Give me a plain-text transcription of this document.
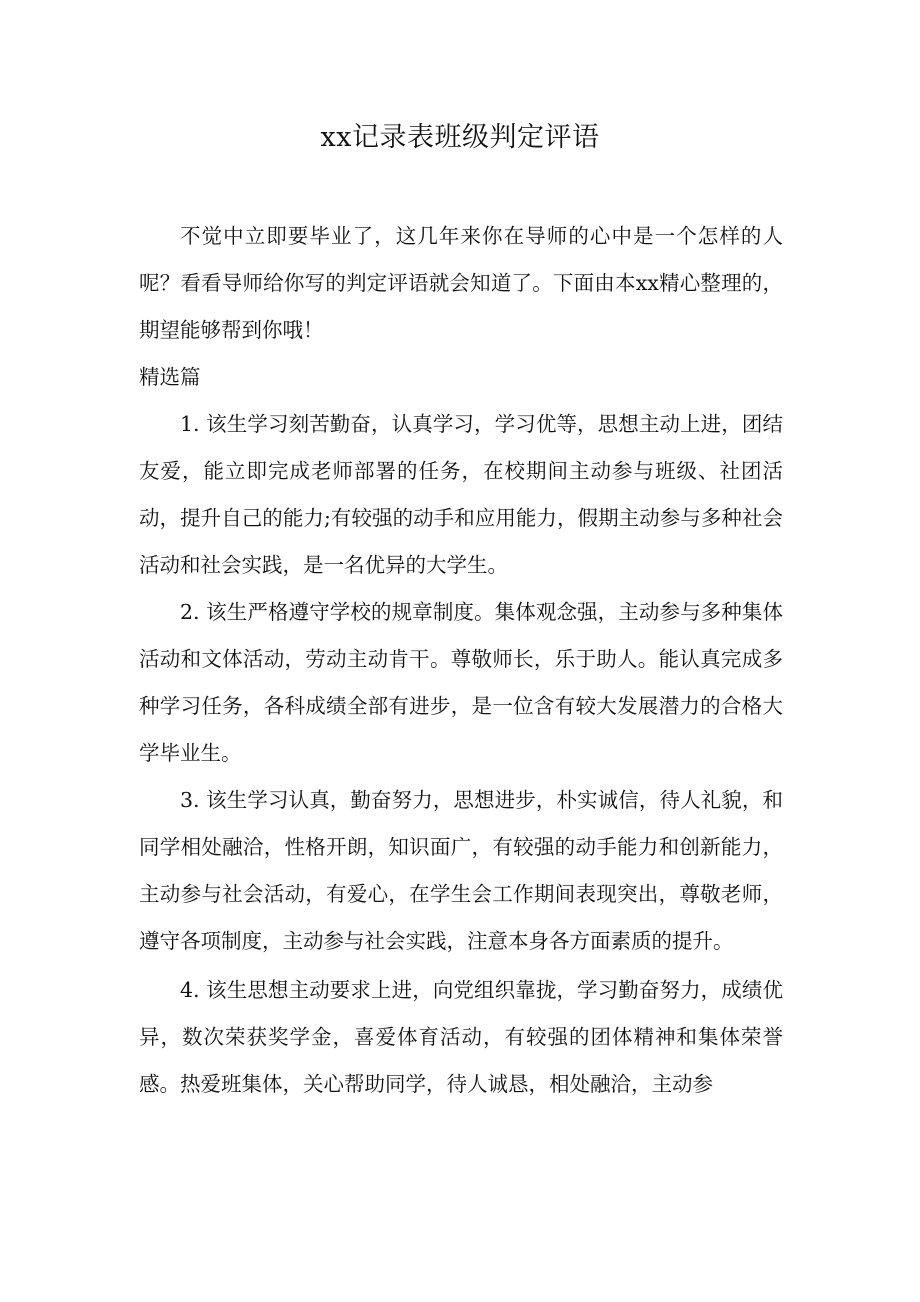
xx记录表班级判定评语

不觉中立即要毕业了，这几年来你在导师的心中是一个怎样的人呢？看看导师给你写的判定评语就会知道了。下面由本xx精心整理的，期望能够帮到你哦！

精选篇

1. 该生学习刻苦勤奋，认真学习，学习优等，思想主动上进，团结友爱，能立即完成老师部署的任务，在校期间主动参与班级、社团活动，提升自己的能力;有较强的动手和应用能力，假期主动参与多种社会活动和社会实践，是一名优异的大学生。

2. 该生严格遵守学校的规章制度。集体观念强，主动参与多种集体活动和文体活动，劳动主动肯干。尊敬师长，乐于助人。能认真完成多种学习任务，各科成绩全部有进步，是一位含有较大发展潜力的合格大学毕业生。

3. 该生学习认真，勤奋努力，思想进步，朴实诚信，待人礼貌，和同学相处融洽，性格开朗，知识面广，有较强的动手能力和创新能力，主动参与社会活动，有爱心，在学生会工作期间表现突出，尊敬老师，遵守各项制度，主动参与社会实践，注意本身各方面素质的提升。

4. 该生思想主动要求上进，向党组织靠拢，学习勤奋努力，成绩优异，数次荣获奖学金，喜爱体育活动，有较强的团体精神和集体荣誉感。热爱班集体，关心帮助同学，待人诚恳，相处融洽，主动参
